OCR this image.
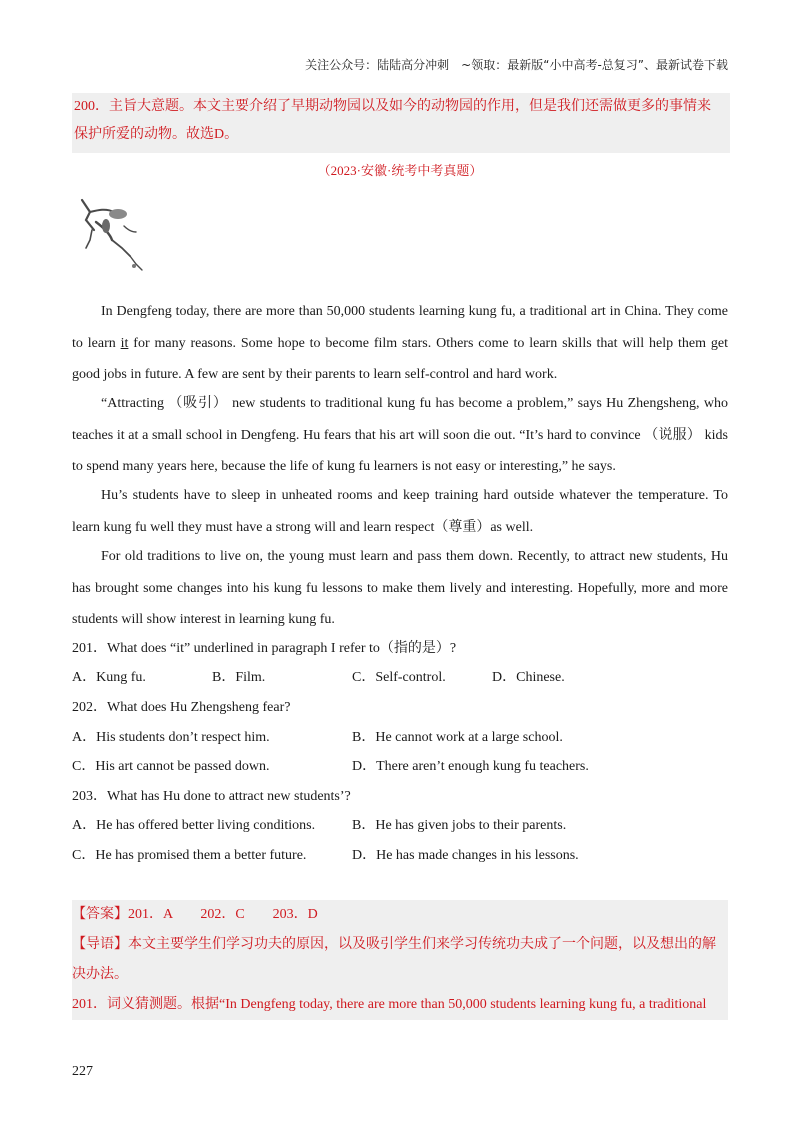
关注公众号：陆陆高分冲刺　~领取：最新版“小中高考-总复习”、最新试卷下载
200．主旨大意题。本文主要介绍了早期动物园以及如今的动物园的作用，但是我们还需做更多的事情来
保护所爱的动物。故选D。
（2023·安徽·统考中考真题）
In Dengfeng today, there are more than 50,000 students learning kung fu, a traditional art in China. They come to learn it for many reasons. Some hope to become film stars. Others come to learn skills that will help them get good jobs in future. A few are sent by their parents to learn self-control and hard work.
“Attracting （吸引） new students to traditional kung fu has become a problem,” says Hu Zhengsheng, who teaches it at a small school in Dengfeng. Hu fears that his art will soon die out. “It’s hard to convince （说服） kids to spend many years here, because the life of kung fu learners is not easy or interesting,” he says.
Hu’s students have to sleep in unheated rooms and keep training hard outside whatever the temperature. To learn kung fu well they must have a strong will and learn respect（尊重）as well.
For old traditions to live on, the young must learn and pass them down. Recently, to attract new students, Hu has brought some changes into his kung fu lessons to make them lively and interesting. Hopefully, more and more students will show interest in learning kung fu.
201．What does “it” underlined in paragraph I refer to（指的是）?
A．Kung fu.	B．Film.	C．Self-control.	D．Chinese.
202．What does Hu Zhengsheng fear?
A．His students don’t respect him.	B．He cannot work at a large school.
C．His art cannot be passed down.	D．There aren’t enough kung fu teachers.
203．What has Hu done to attract new students’?
A．He has offered better living conditions.	B．He has given jobs to their parents.
C．He has promised them a better future.	D．He has made changes in his lessons.
【答案】201．A　　202．C　　203．D
【导语】本文主要学生们学习功夫的原因，以及吸引学生们来学习传统功夫成了一个问题，以及想出的解
决办法。
201．词义猜测题。根据“In Dengfeng today, there are more than 50,000 students learning kung fu, a traditional
227
